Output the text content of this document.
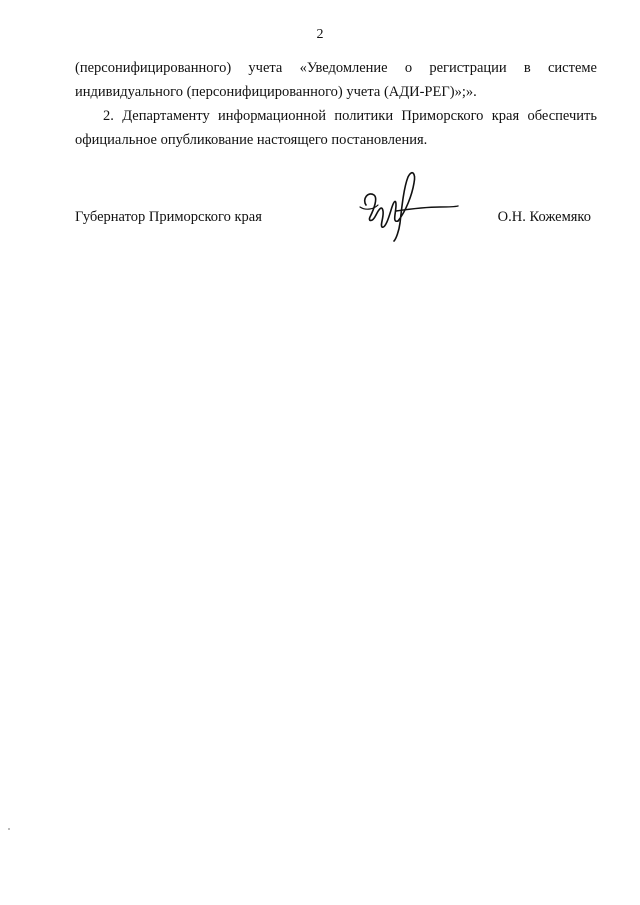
2
(персонифицированного) учета «Уведомление о регистрации в системе
индивидуального (персонифицированного) учета (АДИ-РЕГ)»;».
2. Департаменту информационной политики Приморского края обеспечить
официальное опубликование настоящего постановления.
Губернатор Приморского края	О.Н. Кожемяко
